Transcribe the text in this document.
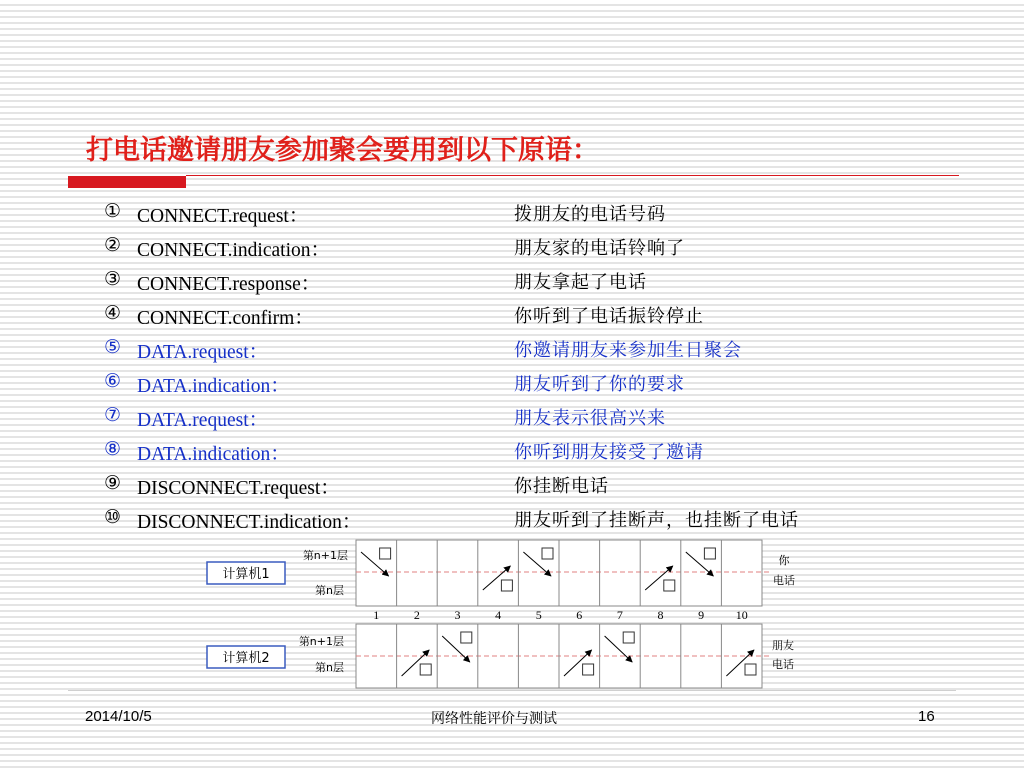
打电话邀请朋友参加聚会要用到以下原语：
① CONNECT.request：	拨朋友的电话号码
② CONNECT.indication：	朋友家的电话铃响了
③ CONNECT.response：	朋友拿起了电话
④ CONNECT.confirm：	你听到了电话振铃停止
⑤ DATA.request：	你邀请朋友来参加生日聚会
⑥ DATA.indication：	朋友听到了你的要求
⑦ DATA.request：	朋友表示很高兴来
⑧ DATA.indication：	你听到朋友接受了邀请
⑨ DISCONNECT.request：	你挂断电话
⑩ DISCONNECT.indication：	朋友听到了挂断声，也挂断了电话
计算机1
计算机2
第n+1层
第n层
第n+1层
第n层
1	2	3	4	5	6	7	8	9	10
你
电话
朋友
电话
2014/10/5	网络性能评价与测试	16
